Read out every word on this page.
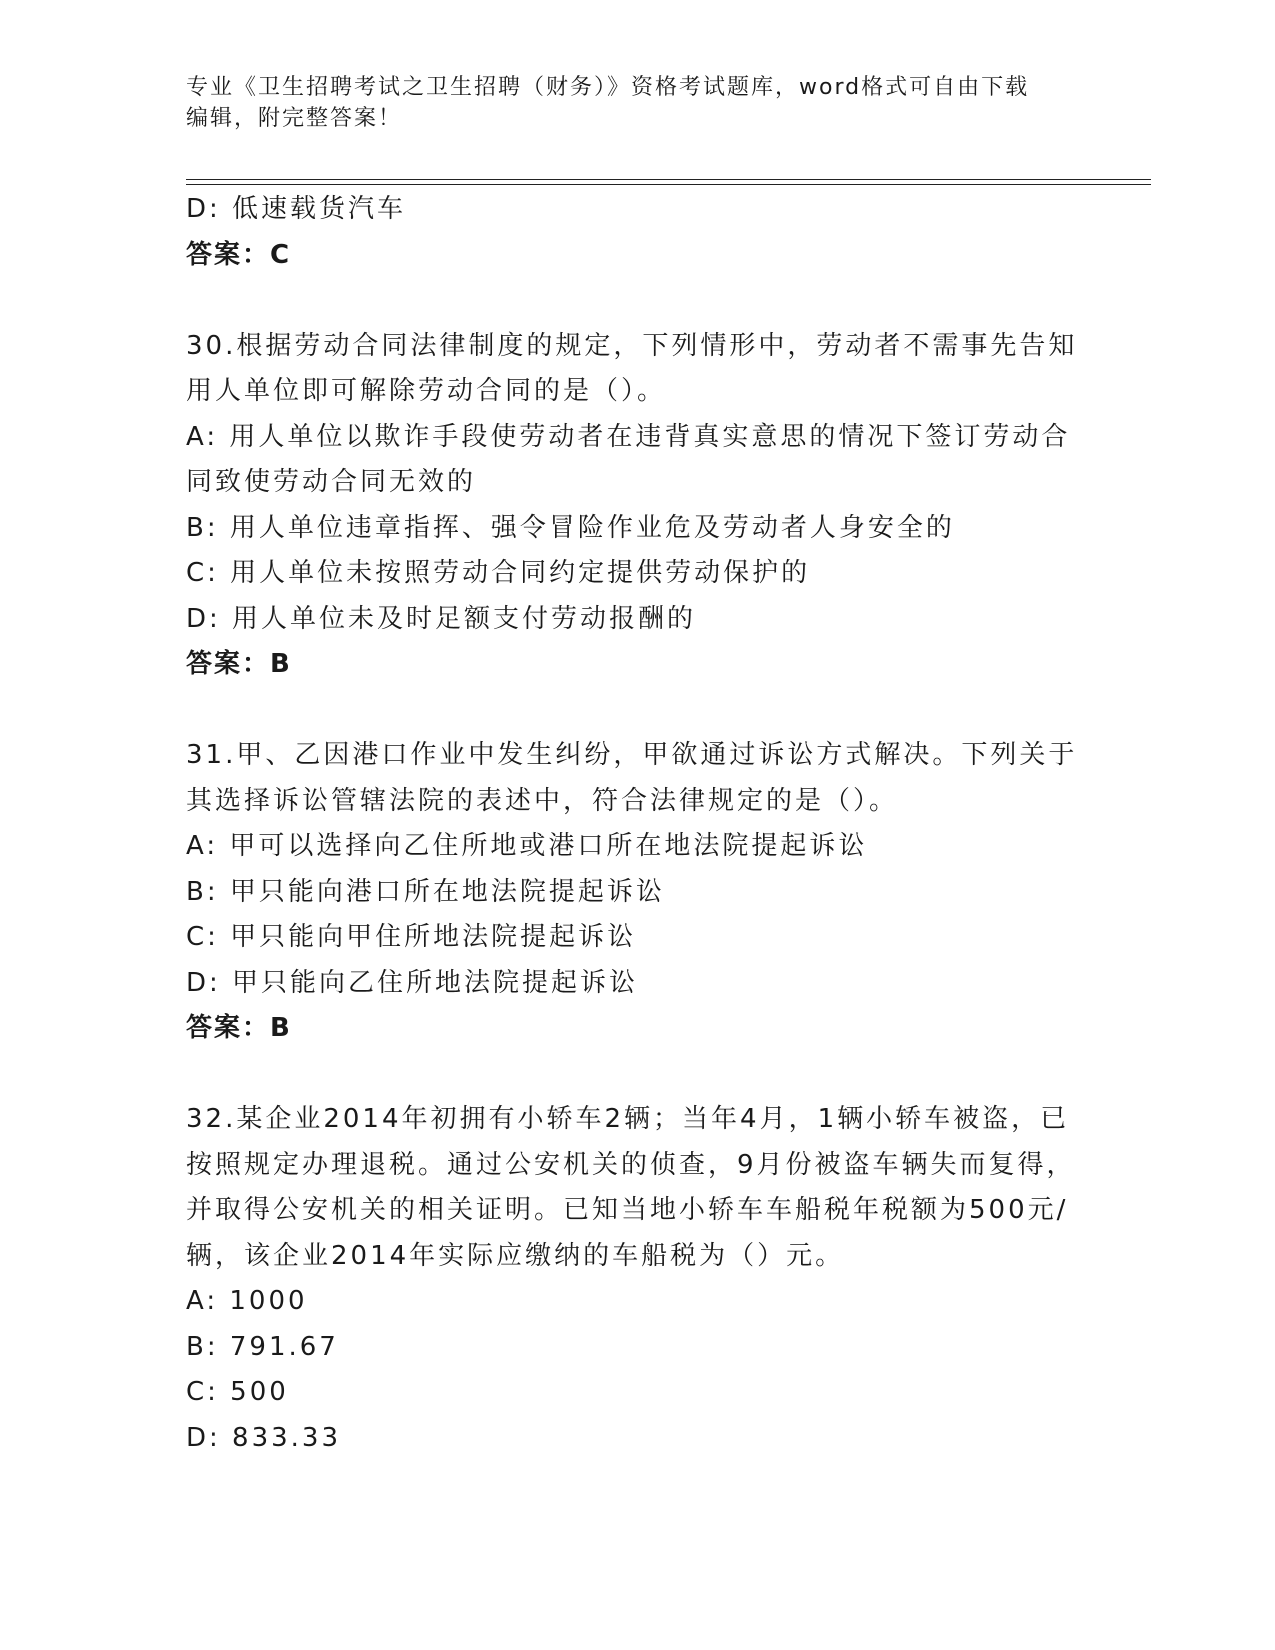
专业《卫生招聘考试之卫生招聘（财务）》资格考试题库，word格式可自由下载
编辑，附完整答案！
D: 低速载货汽车
答案：C
30.根据劳动合同法律制度的规定，下列情形中，劳动者不需事先告知
用人单位即可解除劳动合同的是（）。
A: 用人单位以欺诈手段使劳动者在违背真实意思的情况下签订劳动合
同致使劳动合同无效的
B: 用人单位违章指挥、强令冒险作业危及劳动者人身安全的
C: 用人单位未按照劳动合同约定提供劳动保护的
D: 用人单位未及时足额支付劳动报酬的
答案：B
31.甲、乙因港口作业中发生纠纷，甲欲通过诉讼方式解决。下列关于
其选择诉讼管辖法院的表述中，符合法律规定的是（）。
A: 甲可以选择向乙住所地或港口所在地法院提起诉讼
B: 甲只能向港口所在地法院提起诉讼
C: 甲只能向甲住所地法院提起诉讼
D: 甲只能向乙住所地法院提起诉讼
答案：B
32.某企业2014年初拥有小轿车2辆；当年4月，1辆小轿车被盗，已
按照规定办理退税。通过公安机关的侦查，9月份被盗车辆失而复得，
并取得公安机关的相关证明。已知当地小轿车车船税年税额为500元/
辆，该企业2014年实际应缴纳的车船税为（）元。
A: 1000
B: 791.67
C: 500
D: 833.33
